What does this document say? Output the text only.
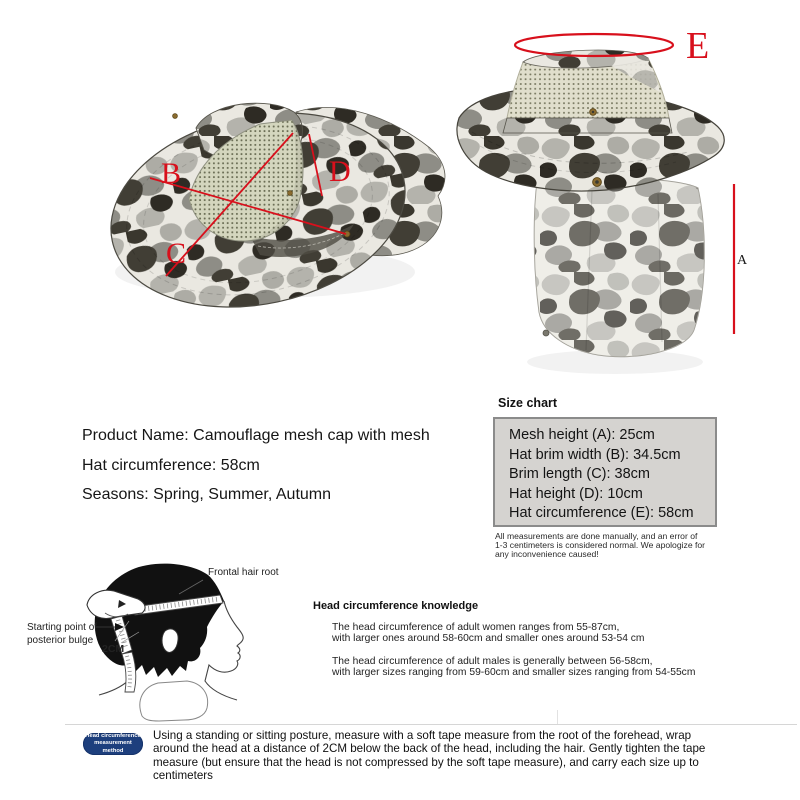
B
C
D
E
A

Product Name: Camouflage mesh cap with mesh

Hat circumference: 58cm

Seasons: Spring, Summer, Autumn

Size chart
Mesh height (A): 25cm
Hat brim width (B): 34.5cm
Brim length (C): 38cm
Hat height (D): 10cm
Hat circumference (E): 58cm
All measurements are done manually, and an error of
1-3 centimeters is considered normal. We apologize for
any inconvenience caused!
Frontal hair root
Starting point of
posterior bulge
2CM
Head circumference knowledge
The head circumference of adult women ranges from 55-87cm,
with larger ones around 58-60cm and smaller ones around 53-54 cm
The head circumference of adult males is generally between 56-58cm,
with larger sizes ranging from 59-60cm and smaller sizes ranging from 54-55cm
Head circumference
measurement method
Using a standing or sitting posture, measure with a soft tape measure from the root of the forehead, wrap around the head at a distance of 2CM below the back of the head, including the hair. Gently tighten the tape measure (but ensure that the head is not compressed by the soft tape measure), and carry each size up to centimeters
